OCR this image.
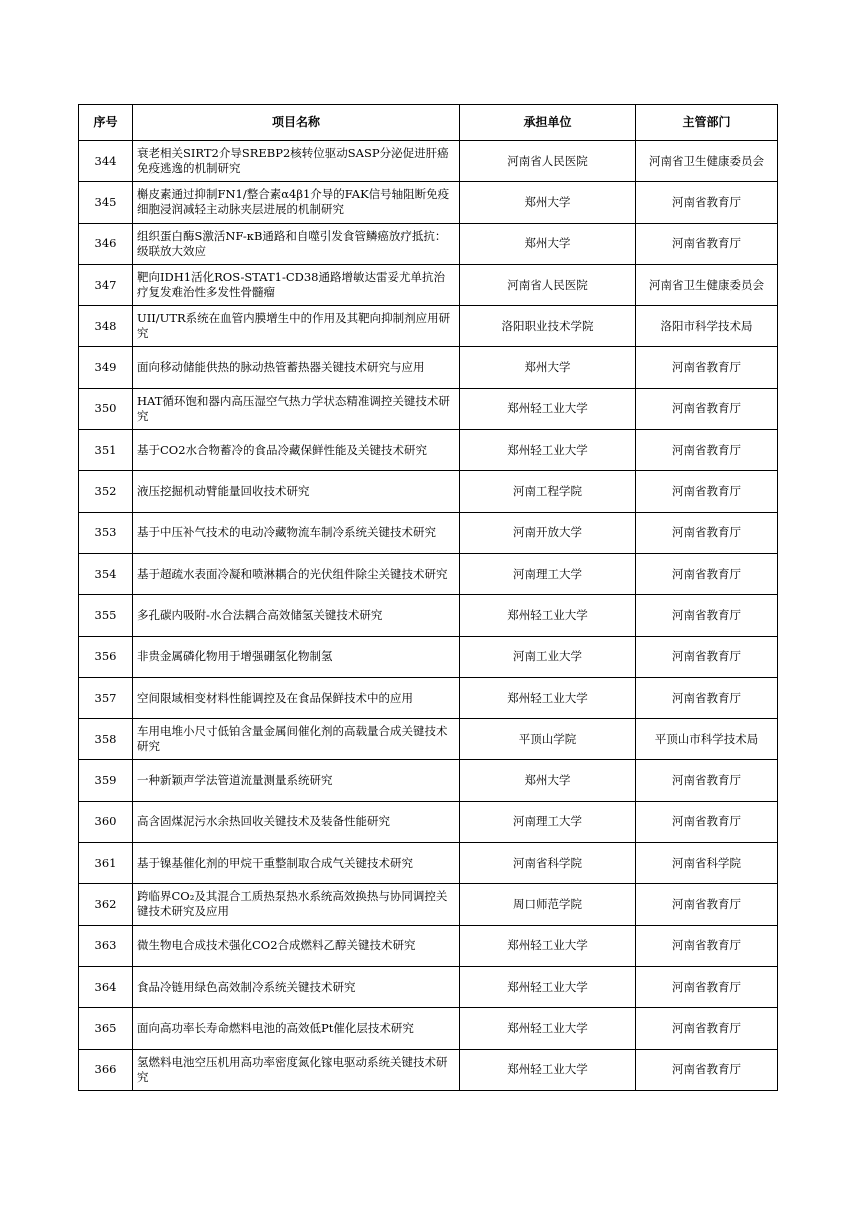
序号	项目名称	承担单位	主管部门
344	衰老相关SIRT2介导SREBP2核转位驱动SASP分泌促进肝癌免疫逃逸的机制研究	河南省人民医院	河南省卫生健康委员会
345	槲皮素通过抑制FN1/整合素α4β1介导的FAK信号轴阻断免疫细胞浸润减轻主动脉夹层进展的机制研究	郑州大学	河南省教育厅
346	组织蛋白酶S激活NF-κB通路和自噬引发食管鳞癌放疗抵抗：级联放大效应	郑州大学	河南省教育厅
347	靶向IDH1活化ROS-STAT1-CD38通路增敏达雷妥尤单抗治疗复发难治性多发性骨髓瘤	河南省人民医院	河南省卫生健康委员会
348	UII/UTR系统在血管内膜增生中的作用及其靶向抑制剂应用研究	洛阳职业技术学院	洛阳市科学技术局
349	面向移动储能供热的脉动热管蓄热器关键技术研究与应用	郑州大学	河南省教育厅
350	HAT循环饱和器内高压湿空气热力学状态精准调控关键技术研究	郑州轻工业大学	河南省教育厅
351	基于CO2水合物蓄冷的食品冷藏保鲜性能及关键技术研究	郑州轻工业大学	河南省教育厅
352	液压挖掘机动臂能量回收技术研究	河南工程学院	河南省教育厅
353	基于中压补气技术的电动冷藏物流车制冷系统关键技术研究	河南开放大学	河南省教育厅
354	基于超疏水表面冷凝和喷淋耦合的光伏组件除尘关键技术研究	河南理工大学	河南省教育厅
355	多孔碳内吸附-水合法耦合高效储氢关键技术研究	郑州轻工业大学	河南省教育厅
356	非贵金属磷化物用于增强硼氢化物制氢	河南工业大学	河南省教育厅
357	空间限域相变材料性能调控及在食品保鲜技术中的应用	郑州轻工业大学	河南省教育厅
358	车用电堆小尺寸低铂含量金属间催化剂的高载量合成关键技术研究	平顶山学院	平顶山市科学技术局
359	一种新颖声学法管道流量测量系统研究	郑州大学	河南省教育厅
360	高含固煤泥污水余热回收关键技术及装备性能研究	河南理工大学	河南省教育厅
361	基于镍基催化剂的甲烷干重整制取合成气关键技术研究	河南省科学院	河南省科学院
362	跨临界CO₂及其混合工质热泵热水系统高效换热与协同调控关键技术研究及应用	周口师范学院	河南省教育厅
363	微生物电合成技术强化CO2合成燃料乙醇关键技术研究	郑州轻工业大学	河南省教育厅
364	食品冷链用绿色高效制冷系统关键技术研究	郑州轻工业大学	河南省教育厅
365	面向高功率长寿命燃料电池的高效低Pt催化层技术研究	郑州轻工业大学	河南省教育厅
366	氢燃料电池空压机用高功率密度氮化镓电驱动系统关键技术研究	郑州轻工业大学	河南省教育厅
